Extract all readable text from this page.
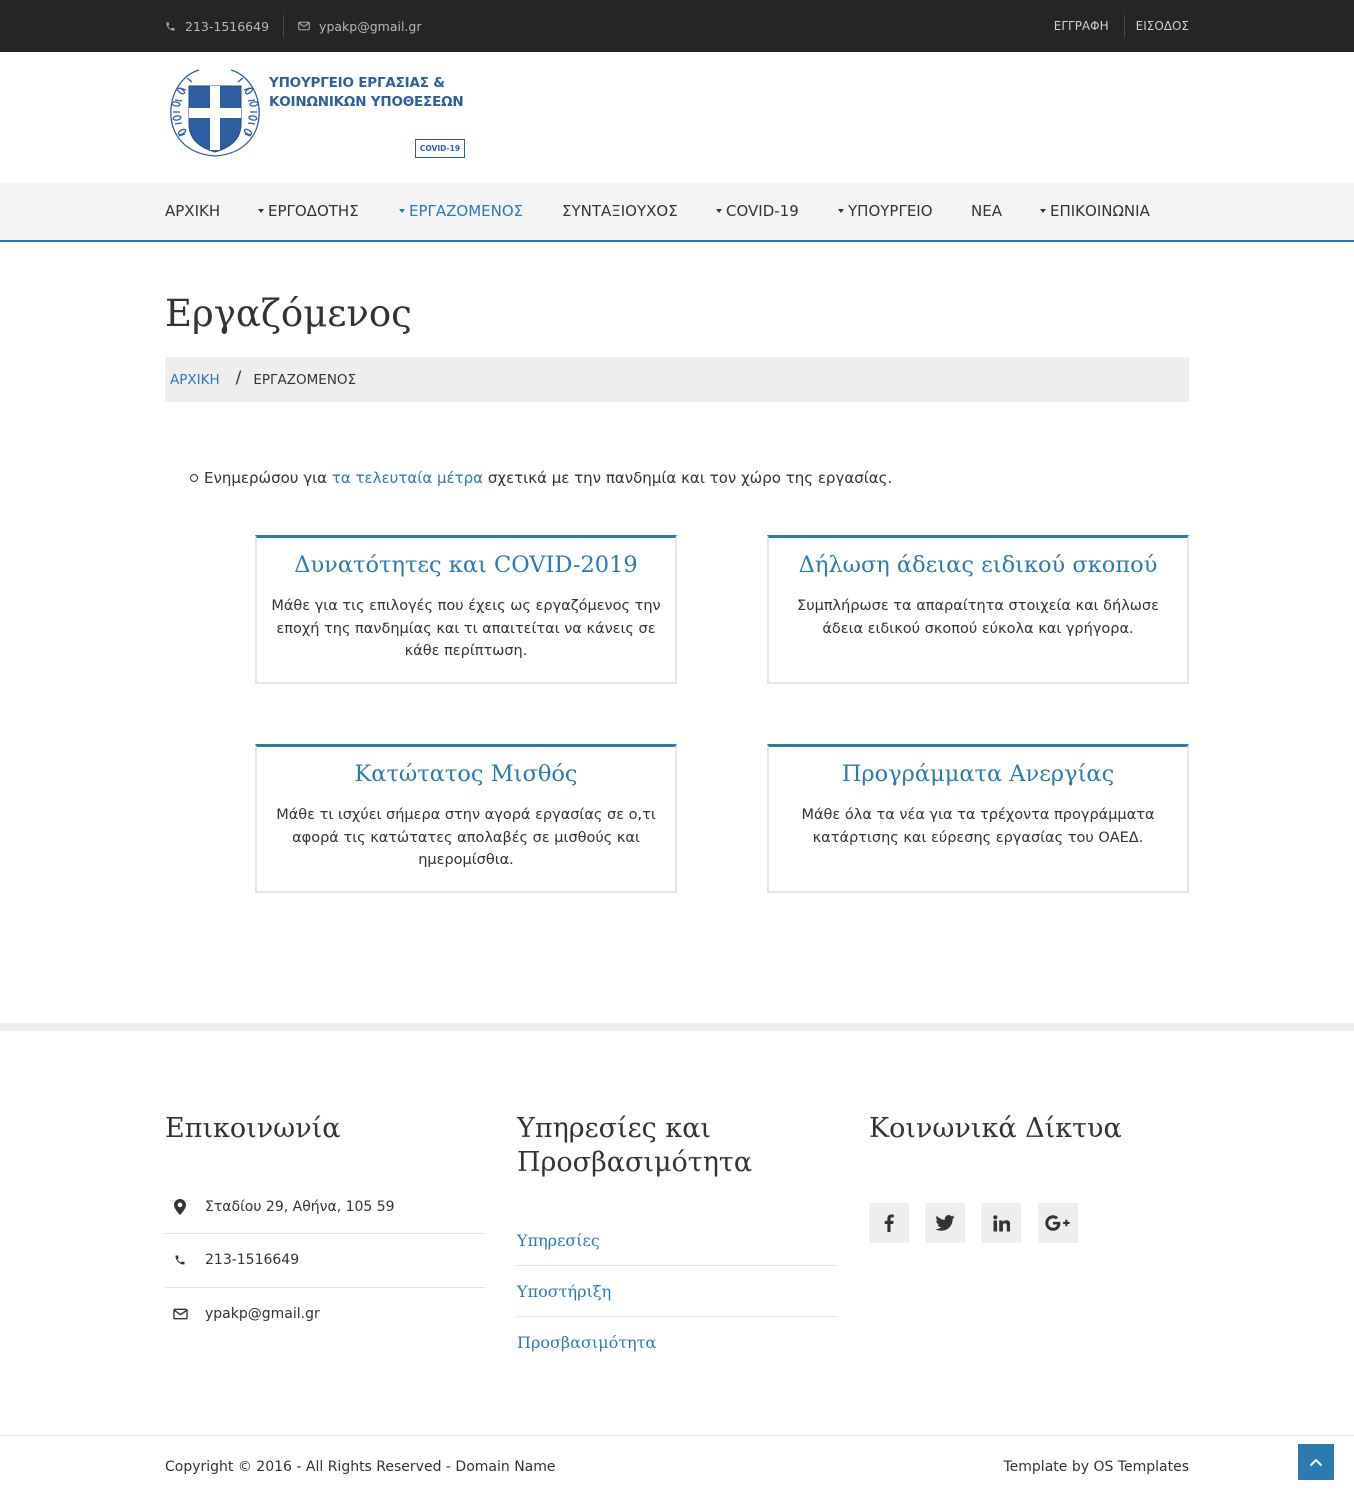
213-1516649	ypakp@gmail.gr	ΕΓΓΡΑΦΗ ΕΙΣΟΔΟΣ
ΥΠΟΥΡΓΕΙΟ ΕΡΓΑΣΙΑΣ &
ΚΟΙΝΩΝΙΚΩΝ ΥΠΟΘΕΣΕΩΝ
COVID-19
ΑΡΧΙΚΗ	ΕΡΓΟΔΟΤΗΣ	ΕΡΓΑΖΟΜΕΝΟΣ	ΣΥΝΤΑΞΙΟΥΧΟΣ	COVID-19	ΥΠΟΥΡΓΕΙΟ	ΝΕΑ	ΕΠΙΚΟΙΝΩΝΙΑ
Εργαζόμενος
ΑΡΧΙΚΗ / ΕΡΓΑΖΟΜΕΝΟΣ

Ενημερώσου για τα τελευταία μέτρα σχετικά με την πανδημία και τον χώρο της εργασίας.

Δυνατότητες και COVID-2019

Μάθε για τις επιλογές που έχεις ως εργαζόμενος την εποχή της πανδημίας και τι απαιτείται να κάνεις σε κάθε περίπτωση.

Δήλωση άδειας ειδικού σκοπού

Συμπλήρωσε τα απαραίτητα στοιχεία και δήλωσε άδεια ειδικού σκοπού εύκολα και γρήγορα.

Κατώτατος Μισθός

Μάθε τι ισχύει σήμερα στην αγορά εργασίας σε ο,τι αφορά τις κατώτατες απολαβές σε μισθούς και ημερομίσθια.

Προγράμματα Ανεργίας

Μάθε όλα τα νέα για τα τρέχοντα προγράμματα κατάρτισης και εύρεσης εργασίας του ΟΑΕΔ.

Επικοινωνία	Υπηρεσίες και
Προσβασιμότητα
Κοινωνικά Δίκτυα
Σταδίου 29, Αθήνα, 105 59
213-1516649
ypakp@gmail.gr
Υπηρεσίες
Υποστήριξη
Προσβασιμότητα

Copyright © 2016 - All Rights Reserved - Domain Name	Template by OS Templates
